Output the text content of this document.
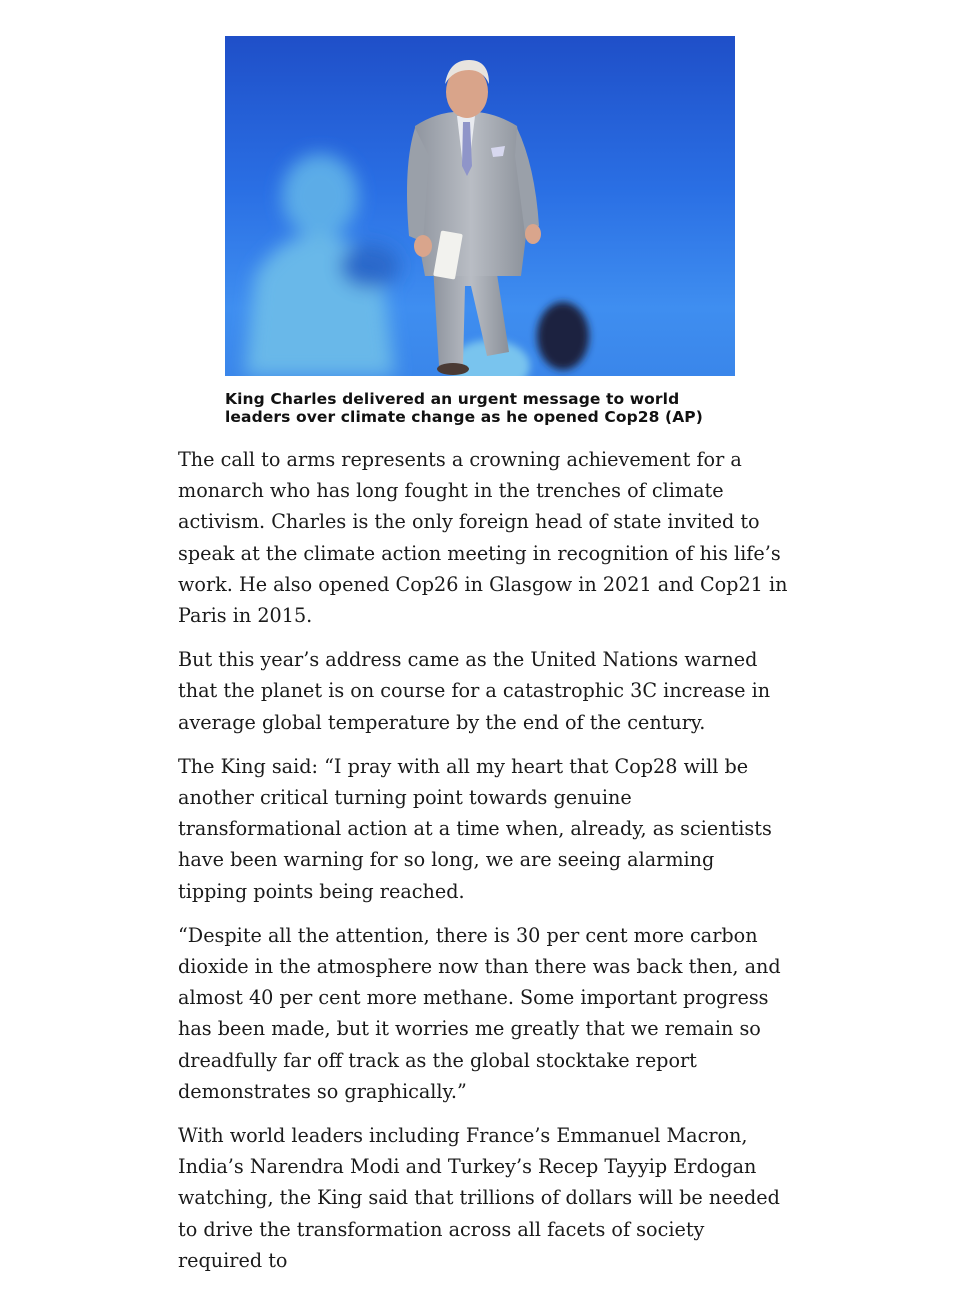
King Charles delivered an urgent message to world leaders over climate change as he opened Cop28 (AP)

The call to arms represents a crowning achievement for a monarch who has long fought in the trenches of climate activism. Charles is the only foreign head of state invited to speak at the climate action meeting in recognition of his life’s work. He also opened Cop26 in Glasgow in 2021 and Cop21 in Paris in 2015.

But this year’s address came as the United Nations warned that the planet is on course for a catastrophic 3C increase in average global temperature by the end of the century.

The King said: “I pray with all my heart that Cop28 will be another critical turning point towards genuine transformational action at a time when, already, as scientists have been warning for so long, we are seeing alarming tipping points being reached.

“Despite all the attention, there is 30 per cent more carbon dioxide in the atmosphere now than there was back then, and almost 40 per cent more methane. Some important progress has been made, but it worries me greatly that we remain so dreadfully far off track as the global stocktake report demonstrates so graphically.”

With world leaders including France’s Emmanuel Macron, India’s Narendra Modi and Turkey’s Recep Tayyip Erdogan watching, the King said that trillions of dollars will be needed to drive the transformation across all facets of society required to
